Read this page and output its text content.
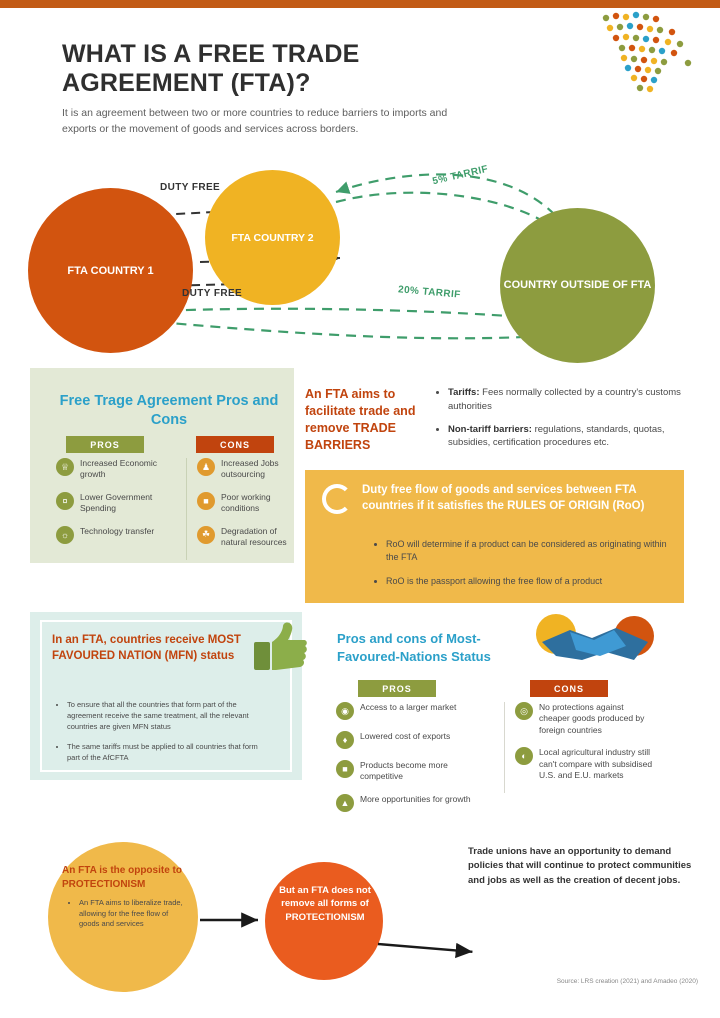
WHAT IS A FREE TRADE AGREEMENT (FTA)?
It is an agreement between two or more countries to reduce barriers to imports and exports or the movement of goods and services across borders.
FTA COUNTRY 1
FTA COUNTRY 2
COUNTRY OUTSIDE OF FTA
DUTY FREE
DUTY FREE
5% TARRIF
20% TARRIF
Free Trage Agreement Pros and Cons
PROS	CONS
♕	Increased Economic growth
¤	Lower Government Spending
☼	Technology transfer
♟	Increased Jobs outsourcing
■	Poor working conditions
☘	Degradation of natural resources
An FTA aims to facilitate trade and remove TRADE BARRIERS
• Tariffs: Fees normally collected by a country's customs authorities
• Non-tariff barriers: regulations, standards, quotas, subsidies, certification procedures etc.
Duty free flow of goods and services between FTA countries if it satisfies the RULES OF ORIGIN (RoO)
• RoO will determine if a product can be considered as originating within the FTA
• RoO is the passport allowing the free flow of a product
In an FTA, countries receive MOST FAVOURED NATION (MFN) status
• To ensure that all the countries that form part of the agreement receive the same treatment, all the relevant countries are given MFN status
• The same tariffs must be applied to all countries that form part of the AfCFTA
Pros and cons of Most-Favoured-Nations Status
PROS	CONS
◉	Access to a larger market
♦	Lowered cost of exports
■	Products become more competitive
▲	More opportunities for growth
◎	No protections against cheaper goods produced by foreign countries
◐	Local agricultural industry still can't compare with subsidised U.S. and E.U. markets
An FTA is the opposite to PROTECTIONISM
• An FTA aims to liberalize trade, allowing for the free flow of goods and services
But an FTA does not remove all forms of PROTECTIONISM
Trade unions have an opportunity to demand policies that will continue to protect communities and jobs as well as the creation of decent jobs.
Source: LRS creation (2021) and Amadeo (2020)
